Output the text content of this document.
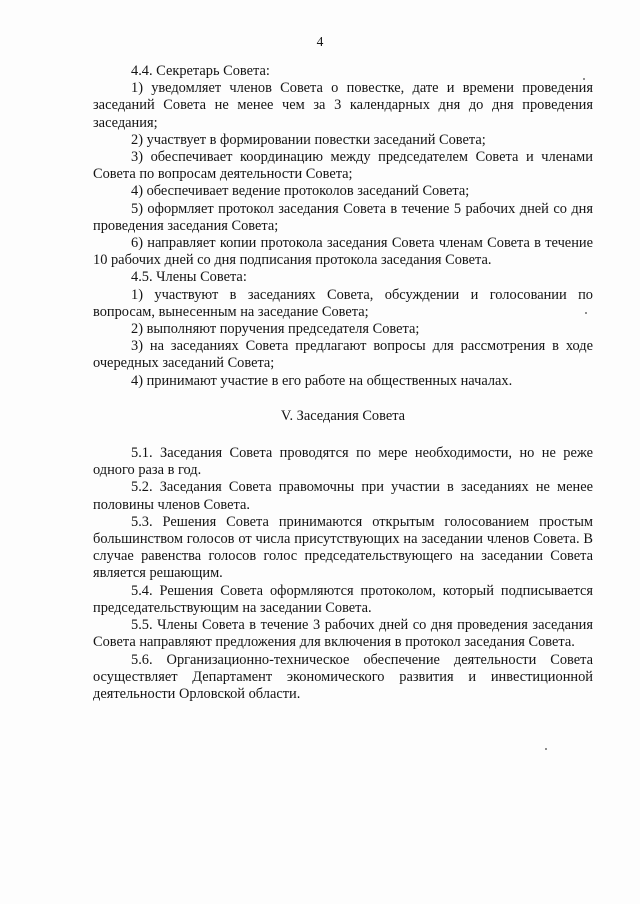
4

4.4. Секретарь Совета:

1) уведомляет членов Совета о повестке, дате и времени проведения заседаний Совета не менее чем за 3 календарных дня до дня проведения заседания;

2) участвует в формировании повестки заседаний Совета;

3) обеспечивает координацию между председателем Совета и членами Совета по вопросам деятельности Совета;

4) обеспечивает ведение протоколов заседаний Совета;

5) оформляет протокол заседания Совета в течение 5 рабочих дней со дня проведения заседания Совета;

6) направляет копии протокола заседания Совета членам Совета в течение 10 рабочих дней со дня подписания протокола заседания Совета.

4.5. Члены Совета:

1) участвуют в заседаниях Совета, обсуждении и голосовании по вопросам, вынесенным на заседание Совета;

2) выполняют поручения председателя Совета;

3) на заседаниях Совета предлагают вопросы для рассмотрения в ходе очередных заседаний Совета;

4) принимают участие в его работе на общественных началах.

V. Заседания Совета

5.1. Заседания Совета проводятся по мере необходимости, но не реже одного раза в год.

5.2. Заседания Совета правомочны при участии в заседаниях не менее половины членов Совета.

5.3. Решения Совета принимаются открытым голосованием простым большинством голосов от числа присутствующих на заседании членов Совета. В случае равенства голосов голос председательствующего на заседании Совета является решающим.

5.4. Решения Совета оформляются протоколом, который подписывается председательствующим на заседании Совета.

5.5. Члены Совета в течение 3 рабочих дней со дня проведения заседания Совета направляют предложения для включения в протокол заседания Совета.

5.6. Организационно-техническое обеспечение деятельности Совета осуществляет Департамент экономического развития и инвестиционной деятельности Орловской области.
